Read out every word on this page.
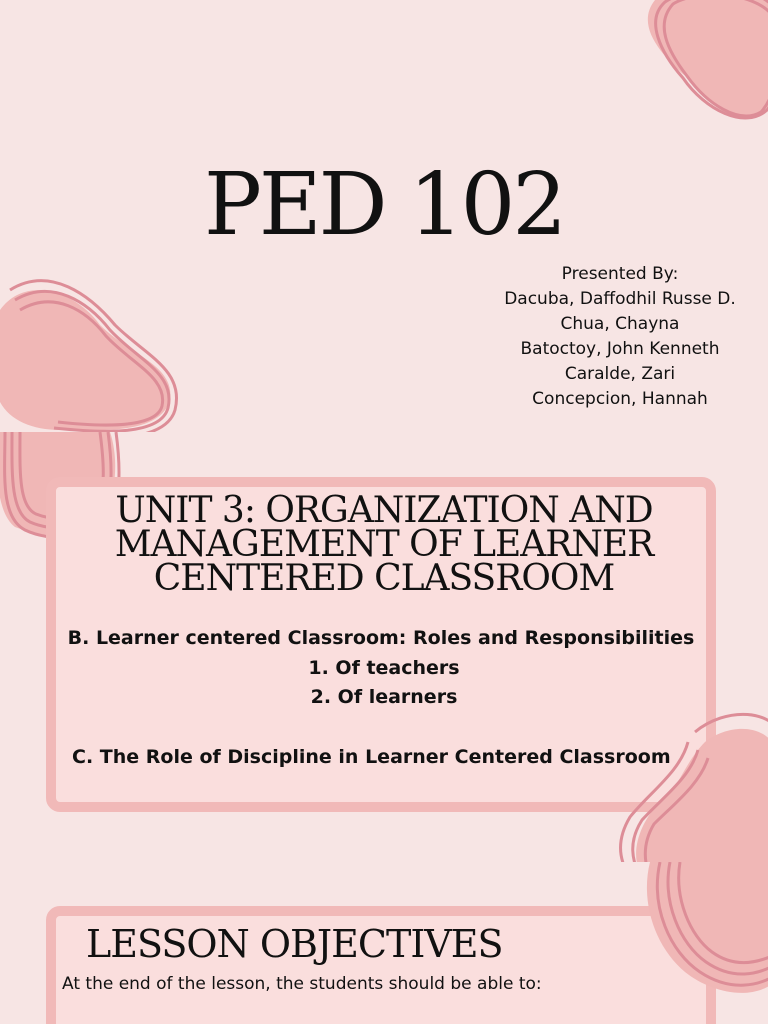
PED 102
Presented By:
Dacuba, Daffodhil Russe D.
Chua, Chayna
Batoctoy, John Kenneth
Caralde, Zari
Concepcion, Hannah
UNIT 3: ORGANIZATION AND
MANAGEMENT OF LEARNER
CENTERED CLASSROOM

B. Learner centered Classroom: Roles and Responsibilities

1. Of teachers

2. Of learners

C. The Role of Discipline in Learner Centered Classroom

LESSON OBJECTIVES

At the end of the lesson, the students should be able to:
